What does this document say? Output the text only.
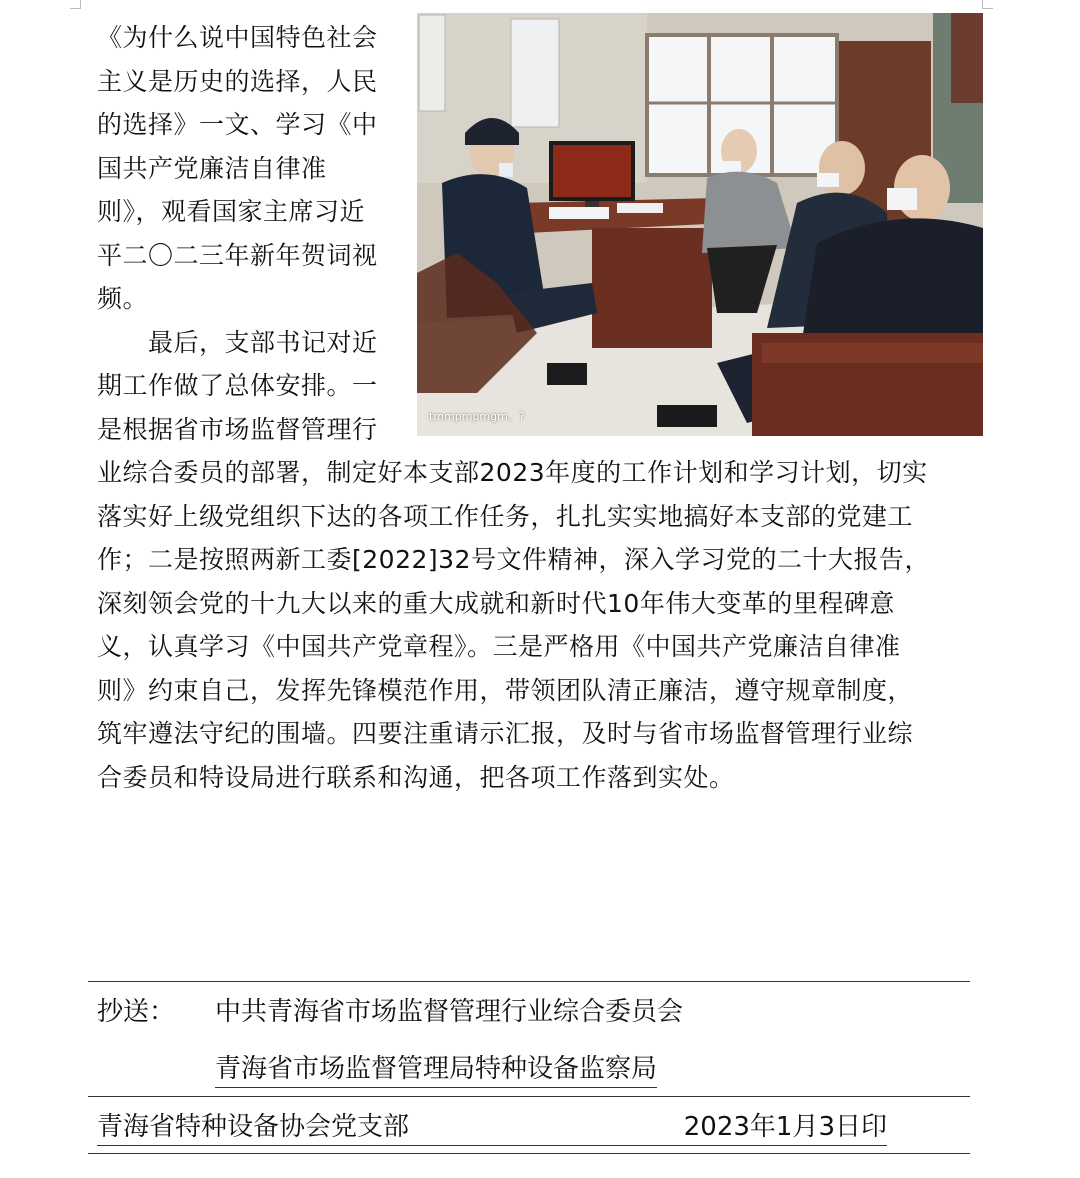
《为什么说中国特色社会
主义是历史的选择，人民
的选择》一文、学习《中
国共产党廉洁自律准
则》，观看国家主席习近
平二〇二三年新年贺词视
频。
　　最后，支部书记对近
期工作做了总体安排。一
是根据省市场监督管理行	tmmpmpmgm、?
业综合委员的部署，制定好本支部2023年度的工作计划和学习计划，切实
落实好上级党组织下达的各项工作任务，扎扎实实地搞好本支部的党建工
作；二是按照两新工委[2022]32号文件精神，深入学习党的二十大报告，
深刻领会党的十九大以来的重大成就和新时代10年伟大变革的里程碑意
义，认真学习《中国共产党章程》。三是严格用《中国共产党廉洁自律准
则》约束自己，发挥先锋模范作用，带领团队清正廉洁，遵守规章制度，
筑牢遵法守纪的围墙。四要注重请示汇报，及时与省市场监督管理行业综
合委员和特设局进行联系和沟通，把各项工作落到实处。
抄送： 中共青海省市场监督管理行业综合委员会
青海省市场监督管理局特种设备监察局
青海省特种设备协会党支部	2023年1月3日印
